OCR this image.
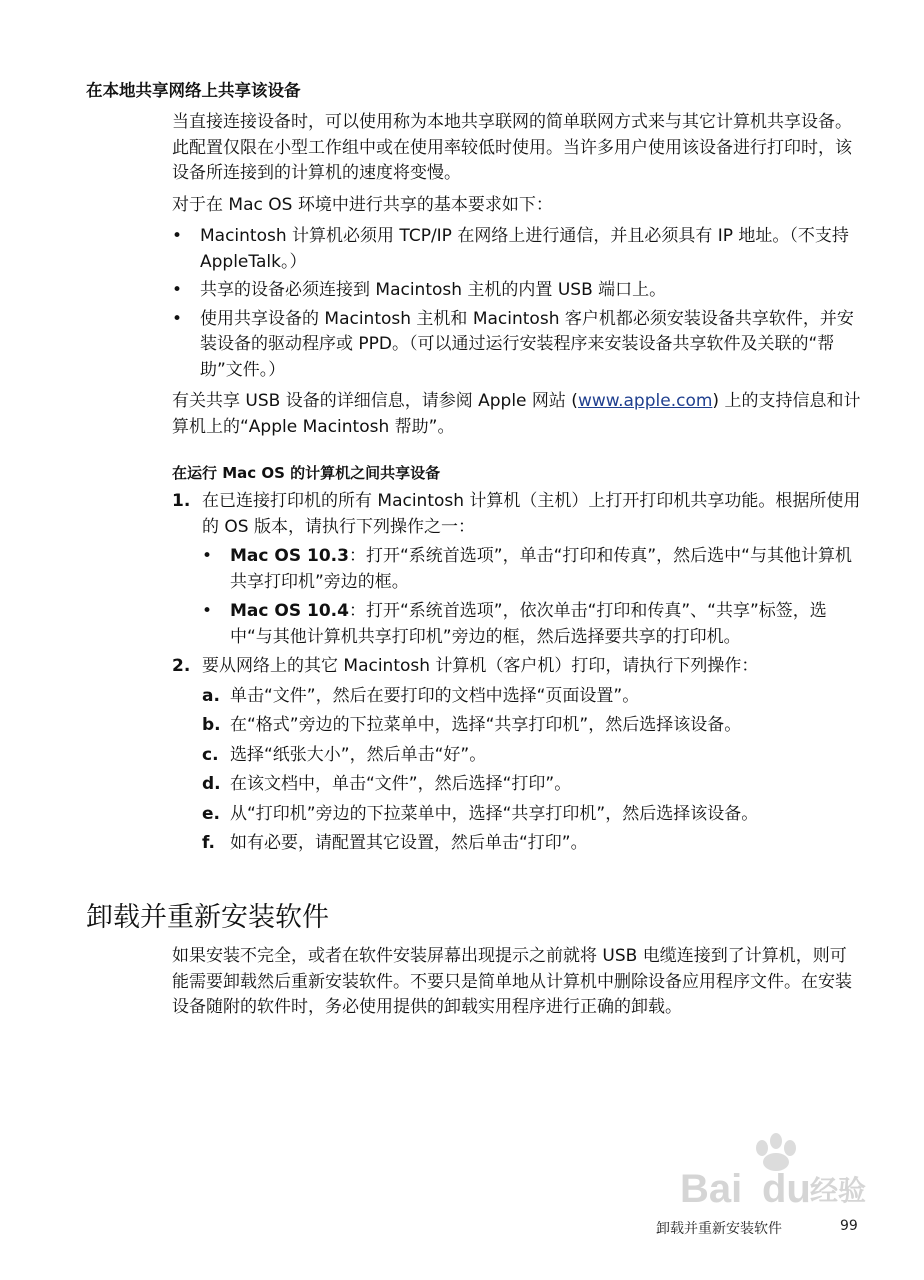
在本地共享网络上共享该设备

当直接连接设备时，可以使用称为本地共享联网的简单联网方式来与其它计算机共享设备。此配置仅限在小型工作组中或在使用率较低时使用。当许多用户使用该设备进行打印时，该设备所连接到的计算机的速度将变慢。

对于在 Mac OS 环境中进行共享的基本要求如下：

• Macintosh 计算机必须用 TCP/IP 在网络上进行通信，并且必须具有 IP 地址。（不支持 AppleTalk。）
• 共享的设备必须连接到 Macintosh 主机的内置 USB 端口上。
• 使用共享设备的 Macintosh 主机和 Macintosh 客户机都必须安装设备共享软件，并安装设备的驱动程序或 PPD。（可以通过运行安装程序来安装设备共享软件及关联的“帮助”文件。）

有关共享 USB 设备的详细信息，请参阅 Apple 网站 (www.apple.com) 上的支持信息和计算机上的“Apple Macintosh 帮助”。

在运行 Mac OS 的计算机之间共享设备
1. 在已连接打印机的所有 Macintosh 计算机（主机）上打开打印机共享功能。根据所使用的 OS 版本，请执行下列操作之一：
• Mac OS 10.3：打开“系统首选项”，单击“打印和传真”，然后选中“与其他计算机共享打印机”旁边的框。
• Mac OS 10.4：打开“系统首选项”，依次单击“打印和传真”、“共享”标签，选中“与其他计算机共享打印机”旁边的框，然后选择要共享的打印机。
2. 要从网络上的其它 Macintosh 计算机（客户机）打印，请执行下列操作：
a. 单击“文件”，然后在要打印的文档中选择“页面设置”。
b. 在“格式”旁边的下拉菜单中，选择“共享打印机”，然后选择该设备。
c. 选择“纸张大小”，然后单击“好”。
d. 在该文档中，单击“文件”，然后选择“打印”。
e. 从“打印机”旁边的下拉菜单中，选择“共享打印机”，然后选择该设备。
f. 如有必要，请配置其它设置，然后单击“打印”。
卸载并重新安装软件

如果安装不完全，或者在软件安装屏幕出现提示之前就将 USB 电缆连接到了计算机，则可能需要卸载然后重新安装软件。不要只是简单地从计算机中删除设备应用程序文件。在安装设备随附的软件时，务必使用提供的卸载实用程序进行正确的卸载。

Bai du 经验
卸载并重新安装软件	99
